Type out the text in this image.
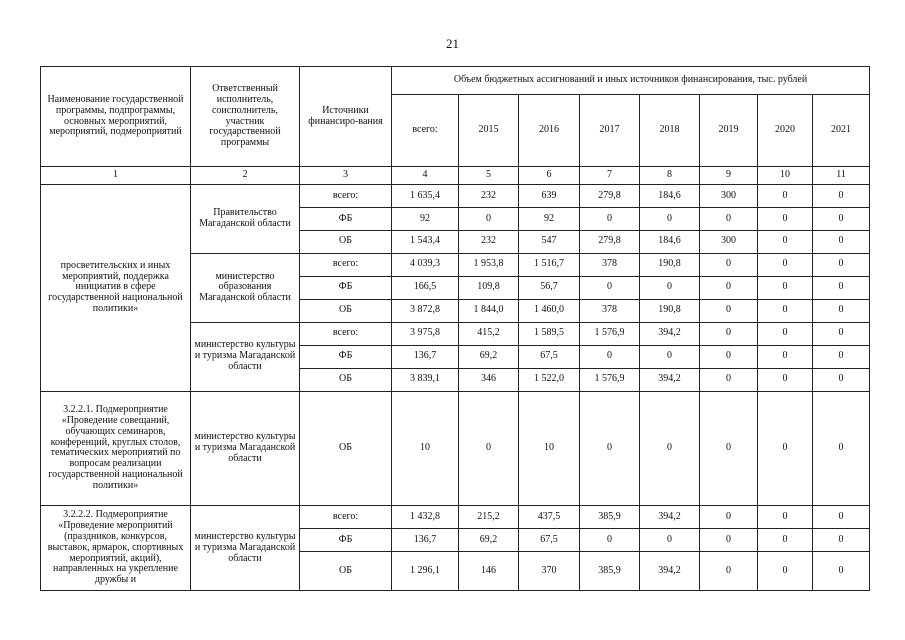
21
Наименование государственной программы, подпрограммы, основных мероприятий, мероприятий, подмероприятий	Ответственный исполнитель, соисполнитель, участник государственной программы	Источники финансиро-вания	Объем бюджетных ассигнований и иных источников финансирования, тыс. рублей							
			всего:	2015	2016	2017	2018	2019	2020	2021
1	2	3	4	5	6	7	8	9	10	11
просветительских и иных мероприятий, поддержка инициатив в сфере государственной национальной политики»	Правительство Магаданской области	всего:	1 635,4	232	639	279,8	184,6	300	0	0
		ФБ	92	0	92	0	0	0	0	0
		ОБ	1 543,4	232	547	279,8	184,6	300	0	0
	министерство образования Магаданской области	всего:	4 039,3	1 953,8	1 516,7	378	190,8	0	0	0
		ФБ	166,5	109,8	56,7	0	0	0	0	0
		ОБ	3 872,8	1 844,0	1 460,0	378	190,8	0	0	0
	министерство культуры и туризма Магаданской области	всего:	3 975,8	415,2	1 589,5	1 576,9	394,2	0	0	0
		ФБ	136,7	69,2	67,5	0	0	0	0	0
		ОБ	3 839,1	346	1 522,0	1 576,9	394,2	0	0	0
3.2.2.1. Подмероприятие «Проведение совещаний, обучающих семинаров, конференций, круглых столов, тематических мероприятий по вопросам реализации государственной национальной политики»	министерство культуры и туризма Магаданской области	ОБ	10	0	10	0	0	0	0	0
3.2.2.2. Подмероприятие «Проведение мероприятий (праздников, конкурсов, выставок, ярмарок, спортивных мероприятий, акций), направленных на укрепление дружбы и	министерство культуры и туризма Магаданской области	всего:	1 432,8	215,2	437,5	385,9	394,2	0	0	0
		ФБ	136,7	69,2	67,5	0	0	0	0	0
		ОБ	1 296,1	146	370	385,9	394,2	0	0	0
